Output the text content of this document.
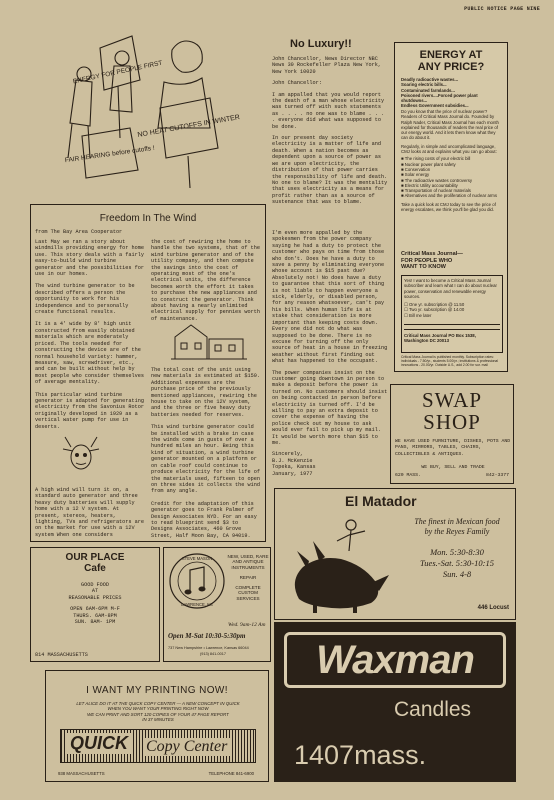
PUBLIC NOTICE PAGE NINE
ENERGY FOR PEOPLE FIRST
NO HEAT CUTOFFS IN WINTER
FAIR HEARING before cutoffs !
Freedom In The Wind
from The Bay Area Cooperator

Last May we ran a story about windmills providing energy for home use. This story deals with a fairly easy-to-build wind turbine generator and the possibilities for use in our homes.

The wind turbine generator to be described offers a person the opportunity to work for his independence and to personally create functional results.

It is a 4' wide by 8' high unit constructed from easily obtained materials which are moderately priced. The tools needed for constructing the device are of the normal household variety: hammer, measure, saw, screwdriver, etc., and can be built without help by most people who consider themselves of average mentality.

This particular wind turbine generator is adapted for generating electricity from the Savonius Rotor originally developed in 1929 as a vertical water pump for use in deserts.

A high wind will turn it on, a standard auto generator and three heavy duty batteries will supply home with a 12 V system. At present, stereos, heaters, lighting, TVs and refrigerators are on the market for use with a 12V system When one considers

the cost of rewiring the home to handle the two systems, that of the wind turbine generator and of the utility company, and then compute the savings into the cost of operating most of the one's electrical units, the difference becomes worth the effort it takes to purchase the new appliances and to construct the generator. Think about having a nearly unlimited electrical supply for pennies worth of maintenance.

The total cost of the unit using new materials is estimated at $150. Additional expenses are the purchase price of the previously mentioned appliances, rewiring the house to take on the 12V system, and the three or five heavy duty batteries needed for reserves.

This wind turbine generator could be installed with a brake in case the winds come in gusts of over a hundred miles an hour. Being this kind of situation, a wind turbine generator mounted on a platform or on cable roof could continue to produce electricity for the life of the materials used, fifteen to open on three sides it collects the wind from any angle.

Credit for the adaptation of this generator goes to Frank Palmer of Design Associates NYD. For an easy to read blueprint send $3 to Designs Associates, 460 Grove Street, Half Moon Bay, CA 94019.

No Luxury!!

John Chancellor, News Director NBC News 30 Rockefeller Plaza New York, New York 10020

John Chancellor:

I am appalled that you would report the death of a man whose electricity was turned off with such statements as . . . . no one was to blame . . . . everyone did what was supposed to be done.

In our present day society electricity is a matter of life and death. When a nation becomes as dependent upon a source of power as we are upon electricity, the distribution of that power carries the responsibility of life and death. No one to blame? It was the mentality that uses electricity as a means for profit rather than as a source of sustenance that was to blame.

I'm even more appalled by the spokesmen from the power company saying he had a duty to protect the customer who pays on time from those who don't. Does he have a duty to save a penny by eliminating everyone whose account is $15 past due? Absolutely not! No does have a duty to guarantee that this sort of thing is not liable to happen everyone a sick, elderly, or disabled person, for any reason whatsoever, can't pay his bills. When human life is at stake that consideration is more important than keeping costs down. Every one did not do what was supposed to be done. There is no excuse for turning off the only source of heat in a house in freezing weather without first finding out what has happened to the occupant.

The power companies insist on the customer going downtown in person to make a deposit before the power is turned on. No customers should insist on being contacted in person before electricity is turned off. I'd be willing to pay an extra deposit to cover the expense of having the police check out my house to ask would ever fail to pick up my mail. It would be worth more than $15 to me.

Sincerely,

B.J. McKenzie

Topeka, Kansas

January, 1977

ENERGY AT
ANY PRICE?
Deadly radioactive wastes...
Soaring electric bills...
Contaminated farmlands...
Poisoned rivers....Forced power plant shutdowns...
Endless Government subsidies...

Do you know that the price of nuclear power? Readers of Critical Mass Journal do. Founded by Ralph Nader, Critical Mass Journal has each month explained for thousands of readers the real price of our energy world. And it lets them know what they can do about it.

Regularly, in simple and uncomplicated language, CMJ looks at and explains what you can go about:

■ The rising costs of your electric bill
■ Nuclear power plant safety
■ Conservation
■ Solar energy
■ The radioactive wastes controversy
■ Electric Utility accountability
■ Transportation of nuclear materials
■ Alternatives and the proliferation of nuclear arms

Take a quick look at CMJ today to see the price of energy escalates, we think you'll be glad you did.

Critical Mass Journal—
FOR PEOPLE WHO
WANT TO KNOW

Yes! I want to become a Critical Mass Journal subscriber and learn what I can do about nuclear power, conservation and renewable energy sources.

☐ One yr. subscription @ 11.50
☐ Two yr. subscription @ 14.00
☐ Bill me later

Critical Mass Journal PO Box 1538, Washington DC 20013

Critical Mass Journal is published monthly. Subscription rates: individuals - 7.50/yr., students 5.00/yr.; institutions & professional innovations - 20.00/yr. Outside U.S., add 2.00 for sur. mail
SWAP
SHOP
WE HAVE USED FURNITURE, DISHES, POTS AND PANS, MIRRORS, TABLES, CHAIRS, COLLECTIBLES & ANTIQUES.
WE BUY, SELL AND TRADE
620 MASS.	842-3377
El Matador
The finest in Mexican food
by the Reyes Family
Mon. 5:30-8:30
Tues.-Sat. 5:30-10:15
Sun. 4-8
446 Locust
OUR PLACE
Cafe
GOOD FOOD
AT
REASONABLE PRICES
OPEN 6AM-6PM M-F
THURS. 6AM-8PM
SUN. 8AM- 1PM
814 MASSACHUSETTS
STEVE MASON
LAWRENCE, KS
NEW, USED, RARE
AND ANTIQUE
INSTRUMENTS
REPAIR
COMPLETE
CUSTOM SERVICES
Wed. 9am-12 Am
Open M-Sat 10:30-5:30pm
737 New Hampshire • Lawrence, Kansas 66044
(913) 841-0017
I WANT MY PRINTING NOW!
LET ALICE DO IT AT THE QUICK COPY CENTER — A NEW CONCEPT IN QUICK
WHEN YOU WANT YOUR PRINTING RIGHT NOW
WE CAN PRINT AND SORT 120 COPIES OF YOUR 47 PAGE REPORT
IN 37 MINUTES
QUICK Copy Center
938 MASSACHUSETTS	TELEPHONE 841-6900
Waxman
Candles
1407mass.
